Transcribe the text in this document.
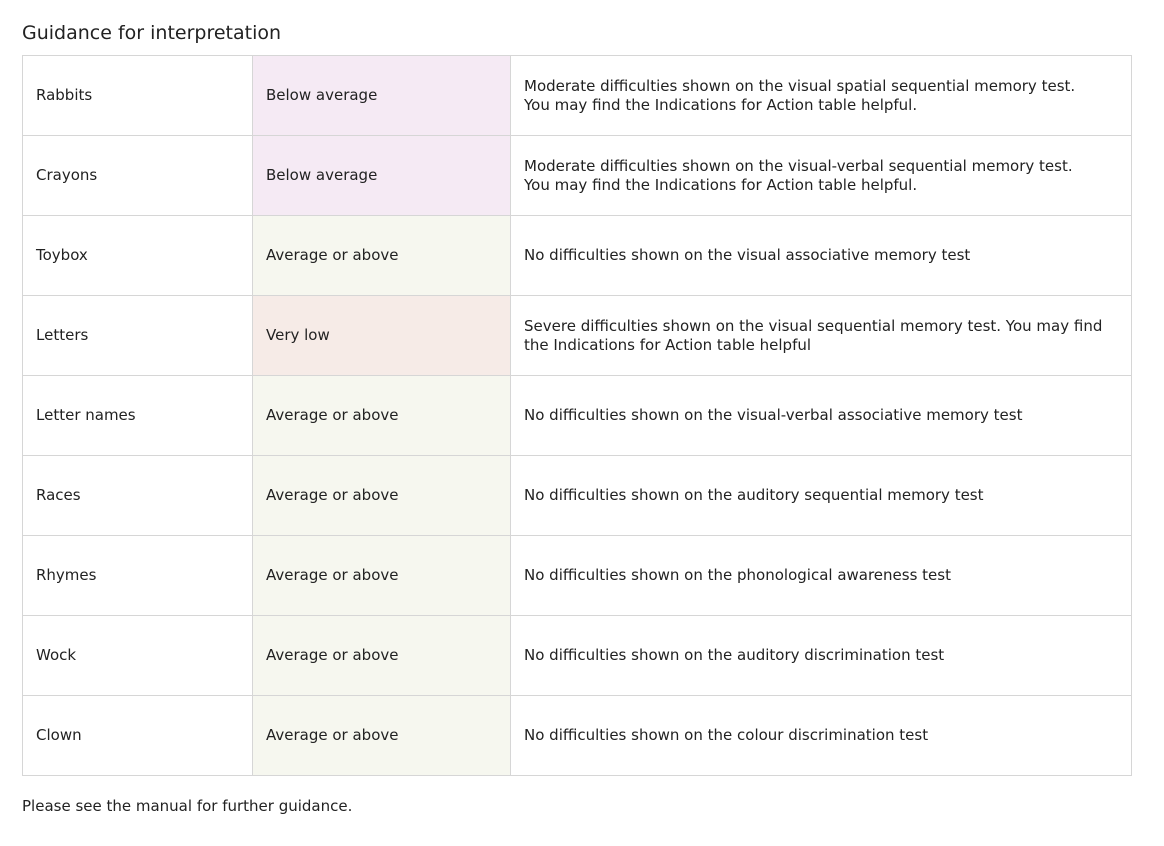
Guidance for interpretation
Rabbits	Below average	Moderate difficulties shown on the visual spatial sequential memory test.
You may find the Indications for Action table helpful.
Crayons	Below average	Moderate difficulties shown on the visual-verbal sequential memory test.
You may find the Indications for Action table helpful.
Toybox	Average or above	No difficulties shown on the visual associative memory test
Letters	Very low	Severe difficulties shown on the visual sequential memory test. You may find
the Indications for Action table helpful
Letter names	Average or above	No difficulties shown on the visual-verbal associative memory test
Races	Average or above	No difficulties shown on the auditory sequential memory test
Rhymes	Average or above	No difficulties shown on the phonological awareness test
Wock	Average or above	No difficulties shown on the auditory discrimination test
Clown	Average or above	No difficulties shown on the colour discrimination test

Please see the manual for further guidance.
